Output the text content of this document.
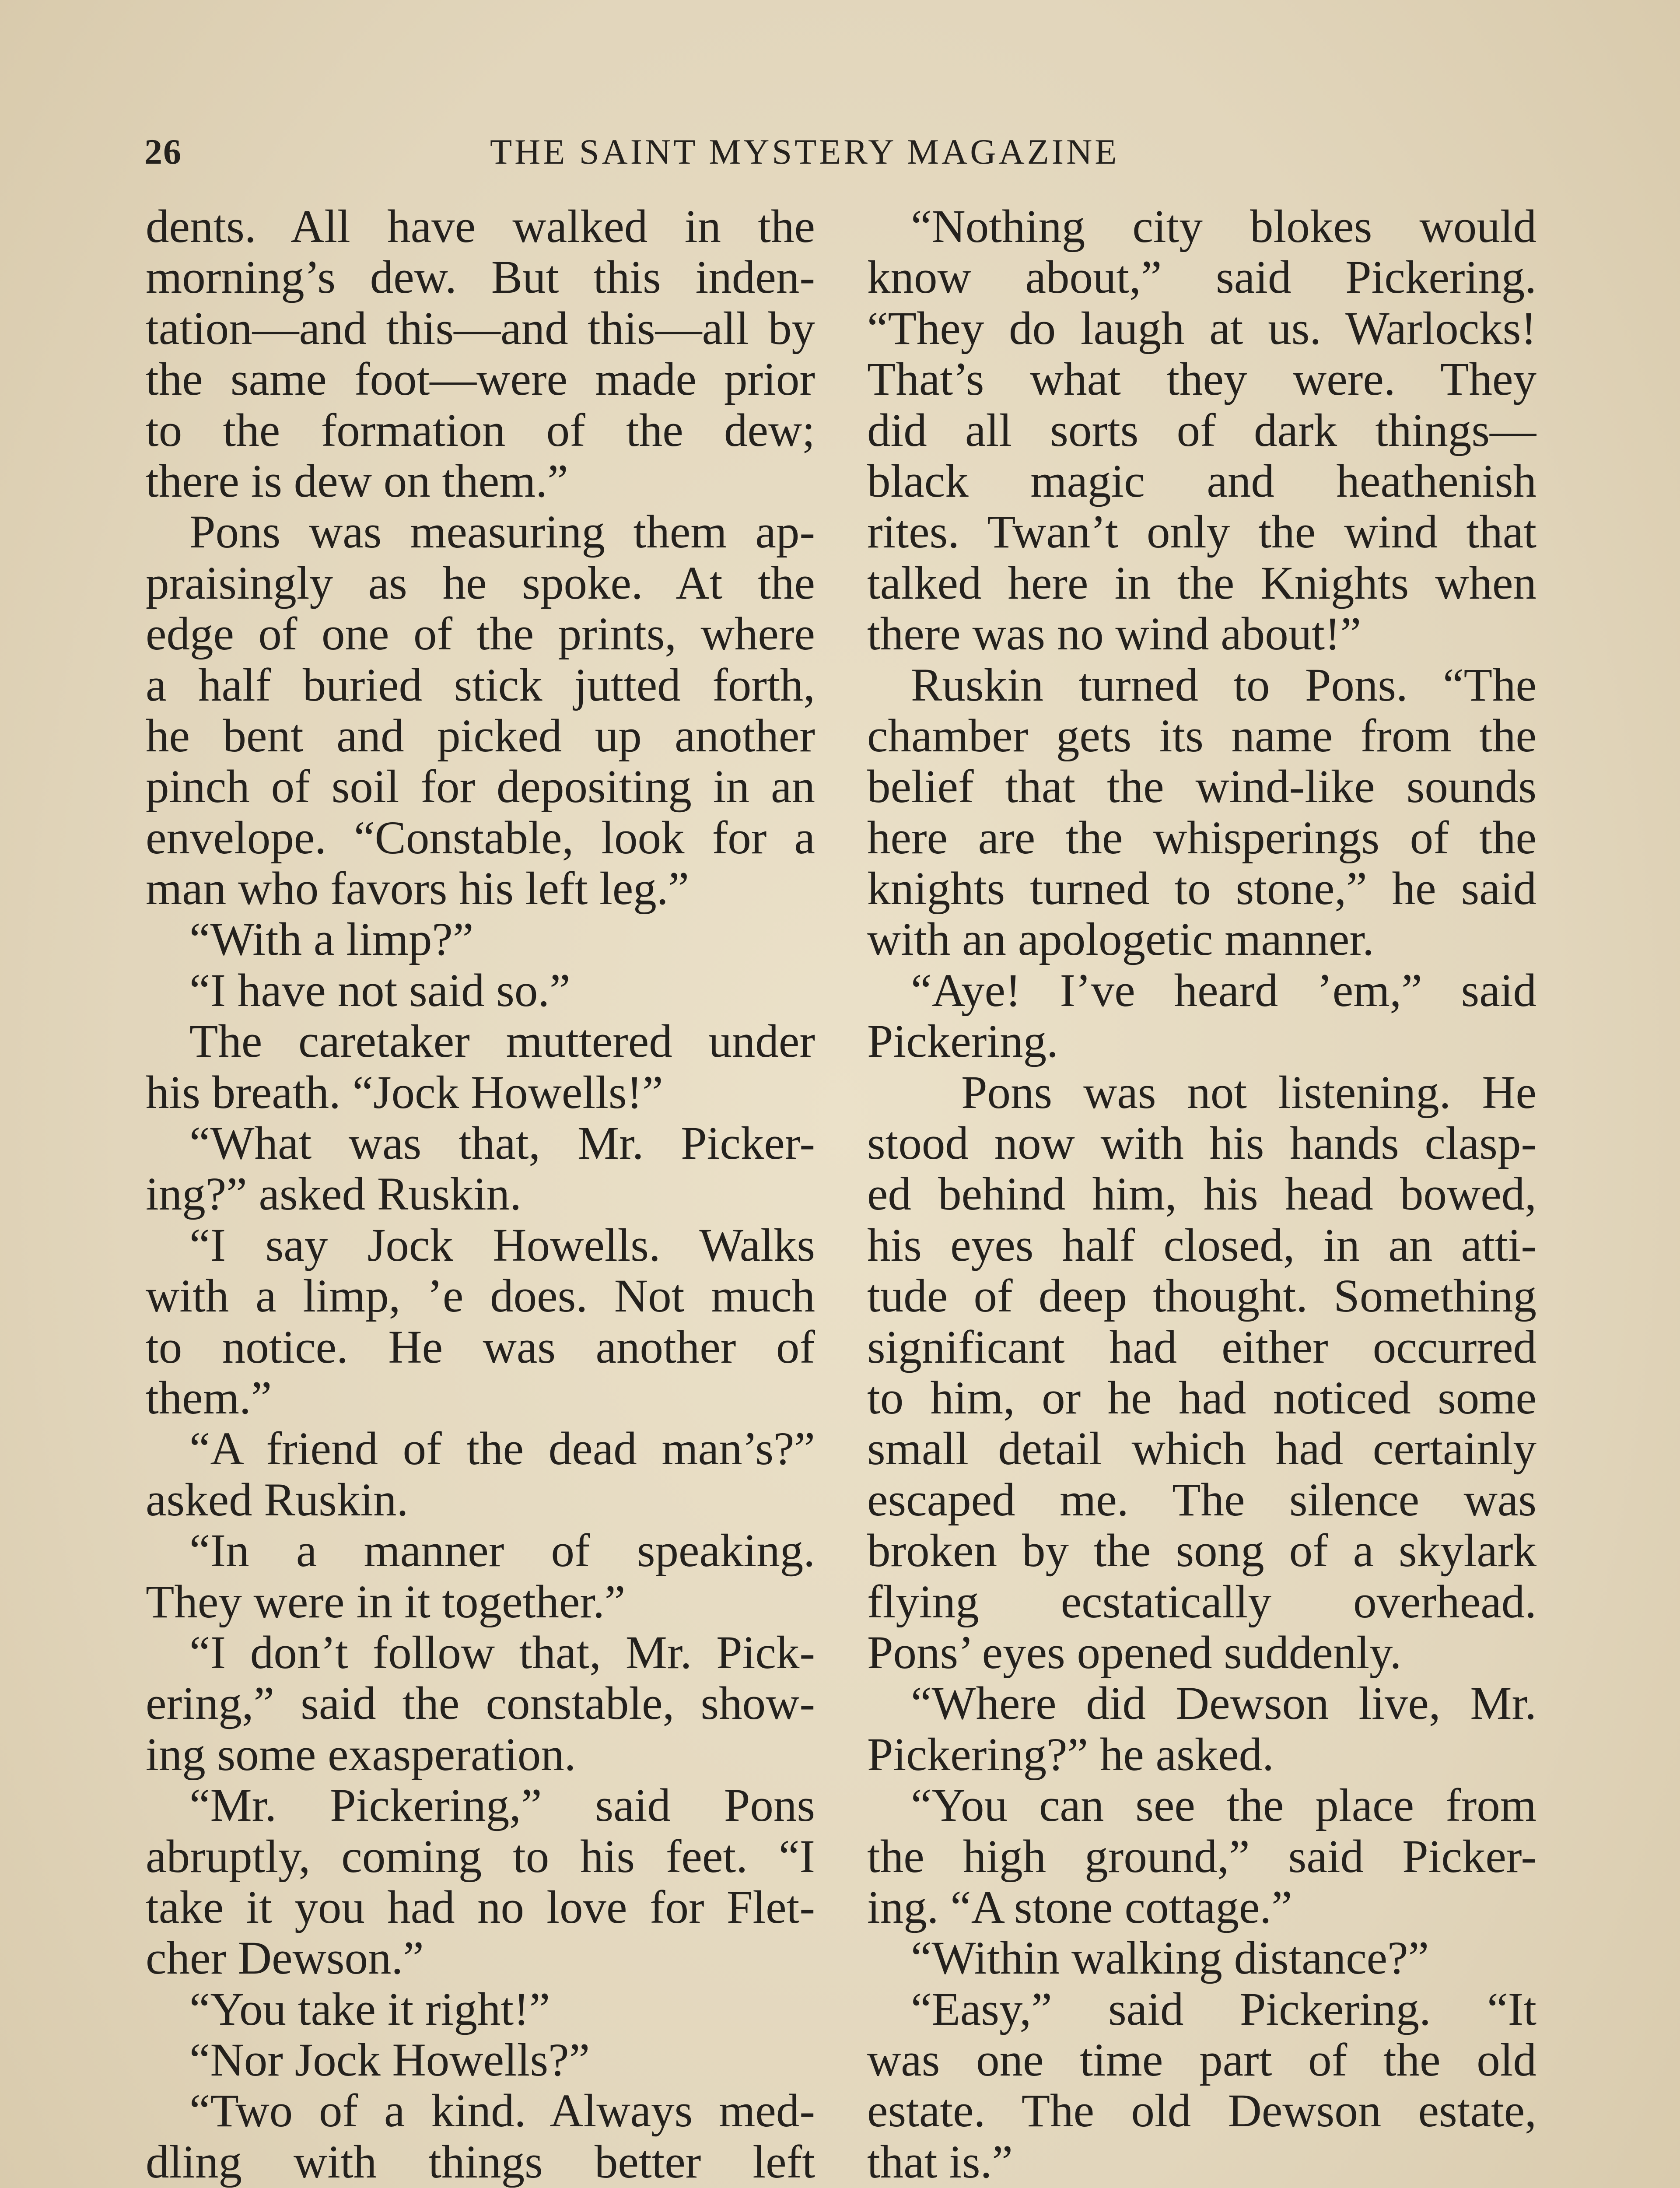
26	THE SAINT MYSTERY MAGAZINE
dents. All have walked in the
morning’s dew. But this inden-
tation—and this—and this—all by
the same foot—were made prior
to the formation of the dew;
there is dew on them.”
Pons was measuring them ap-
praisingly as he spoke. At the
edge of one of the prints, where
a half buried stick jutted forth,
he bent and picked up another
pinch of soil for depositing in an
envelope. “Constable, look for a
man who favors his left leg.”
“With a limp?”
“I have not said so.”
The caretaker muttered under
his breath. “Jock Howells!”
“What was that, Mr. Picker-
ing?” asked Ruskin.
“I say Jock Howells. Walks
with a limp, ’e does. Not much
to notice. He was another of
them.”
“A friend of the dead man’s?”
asked Ruskin.
“In a manner of speaking.
They were in it together.”
“I don’t follow that, Mr. Pick-
ering,” said the constable, show-
ing some exasperation.
“Mr. Pickering,” said Pons
abruptly, coming to his feet. “I
take it you had no love for Flet-
cher Dewson.”
“You take it right!”
“Nor Jock Howells?”
“Two of a kind. Always med-
dling with things better left
“Nothing city blokes would
know about,” said Pickering.
“They do laugh at us. Warlocks!
That’s what they were. They
did all sorts of dark things—
black magic and heathenish
rites. Twan’t only the wind that
talked here in the Knights when
there was no wind about!”
Ruskin turned to Pons. “The
chamber gets its name from the
belief that the wind-like sounds
here are the whisperings of the
knights turned to stone,” he said
with an apologetic manner.
“Aye! I’ve heard ’em,” said
Pickering.
Pons was not listening. He
stood now with his hands clasp-
ed behind him, his head bowed,
his eyes half closed, in an atti-
tude of deep thought. Something
significant had either occurred
to him, or he had noticed some
small detail which had certainly
escaped me. The silence was
broken by the song of a skylark
flying ecstatically overhead.
Pons’ eyes opened suddenly.
“Where did Dewson live, Mr.
Pickering?” he asked.
“You can see the place from
the high ground,” said Picker-
ing. “A stone cottage.”
“Within walking distance?”
“Easy,” said Pickering. “It
was one time part of the old
estate. The old Dewson estate,
that is.”
